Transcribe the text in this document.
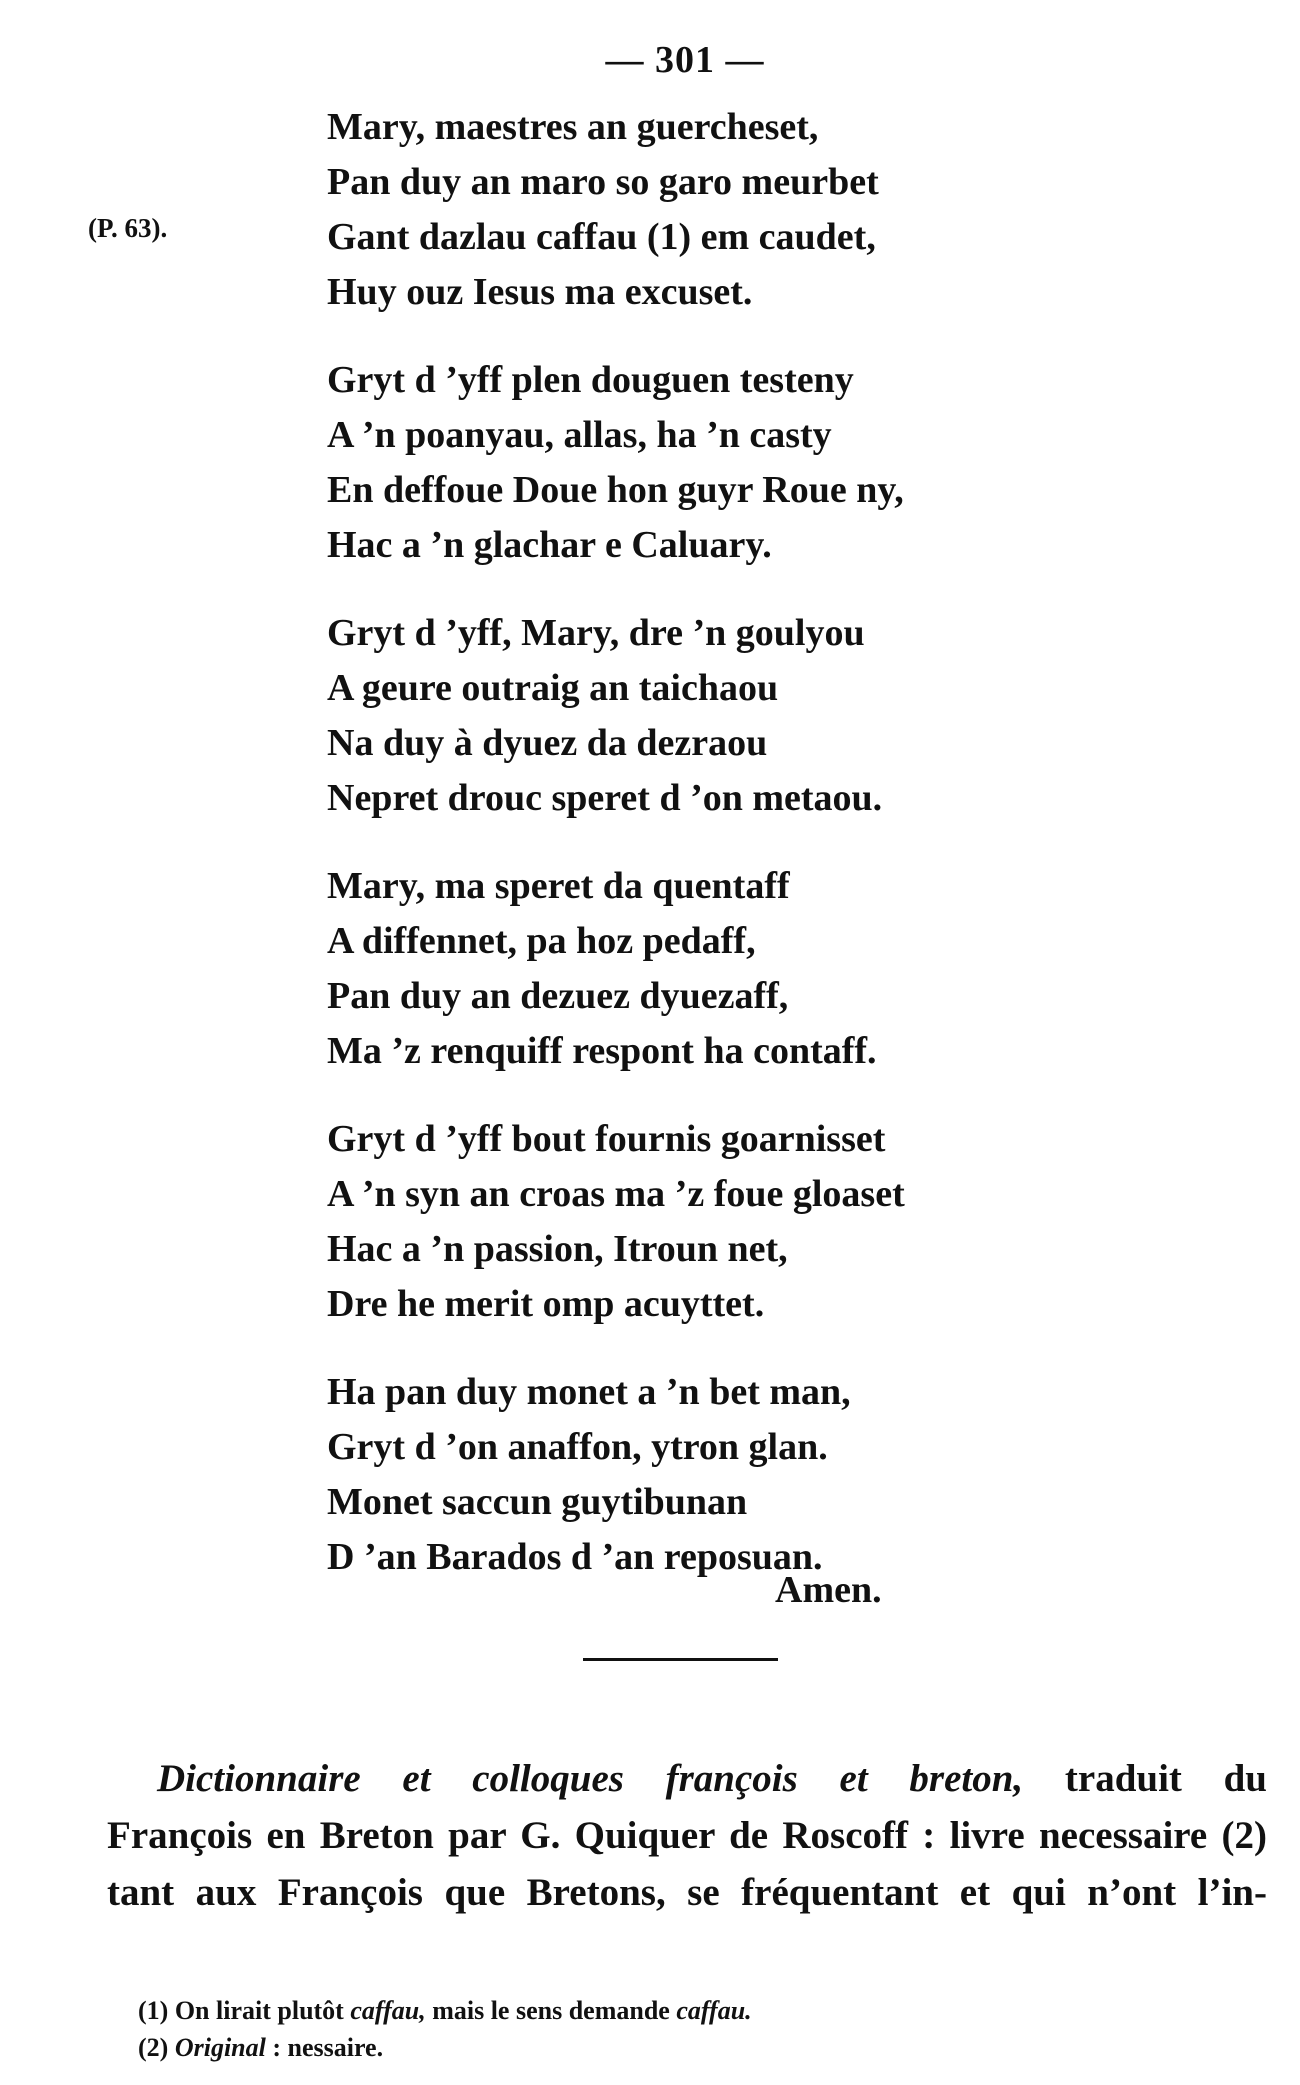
— 301 —
(P. 63).
Mary, maestres an guercheset,
Pan duy an maro so garo meurbet
Gant dazlau caffau (1) em caudet,
Huy ouz Iesus ma excuset.
Gryt d ’yff plen douguen testeny
A ’n poanyau, allas, ha ’n casty
En deffoue Doue hon guyr Roue ny,
Hac a ’n glachar e Caluary.
Gryt d ’yff, Mary, dre ’n goulyou
A geure outraig an taichaou
Na duy à dyuez da dezraou
Nepret drouc speret d ’on metaou.
Mary, ma speret da quentaff
A diffennet, pa hoz pedaff,
Pan duy an dezuez dyuezaff,
Ma ’z renquiff respont ha contaff.
Gryt d ’yff bout fournis goarnisset
A ’n syn an croas ma ’z foue gloaset
Hac a ’n passion, Itroun net,
Dre he merit omp acuyttet.
Ha pan duy monet a ’n bet man,
Gryt d ’on anaffon, ytron glan.
Monet saccun guytibunan
D ’an Barados d ’an reposuan.
Amen.
Dictionnaire et colloques françois et breton, traduit du
François en Breton par G. Quiquer de Roscoff : livre necessaire (2)
tant aux François que Bretons, se fréquentant et qui n’ont l’in-
(1) On lirait plutôt caffau, mais le sens demande caffau.
(2) Original : nessaire.
